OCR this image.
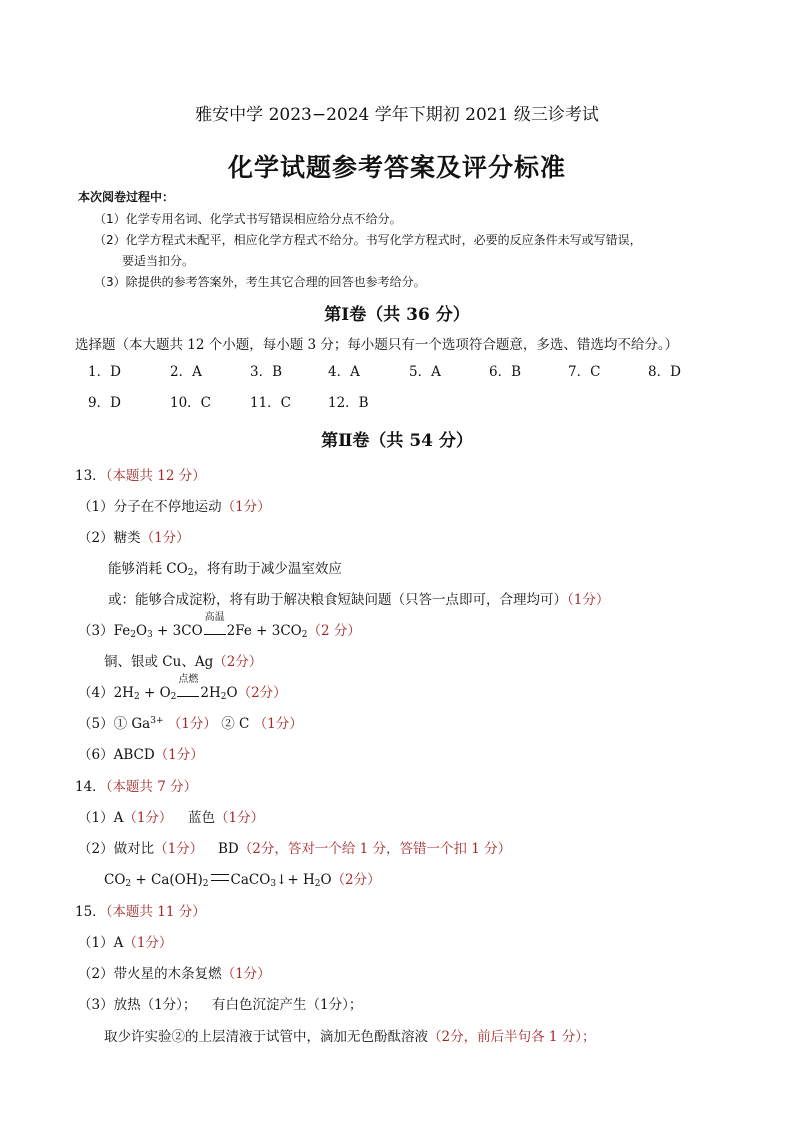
雅安中学 2023−2024 学年下期初 2021 级三诊考试
化学试题参考答案及评分标准
本次阅卷过程中：
（1）化学专用名词、化学式书写错误相应给分点不给分。
（2）化学方程式未配平，相应化学方程式不给分。书写化学方程式时，必要的反应条件未写或写错误，
要适当扣分。
（3）除提供的参考答案外，考生其它合理的回答也参考给分。
第Ⅰ卷（共 36 分）
选择题（本大题共 12 个小题，每小题 3 分；每小题只有一个选项符合题意，多选、错选均不给分。）
1．D	2．A	3．B	4．A	5．A	6．B	7．C	8．D
9．D	10．C	11．C	12．B
第Ⅱ卷（共 54 分）
13．（本题共 12 分）
（1）分子在不停地运动（1分）
（2）糖类（1分）
能够消耗 $CO_2$，将有助于减少温室效应
或：能够合成淀粉，将有助于解决粮食短缺问题（只答一点即可，合理均可）（1分）
$(3)Fe_2O_3 + 3CO$
高温
$2Fe + 3CO_2(2$ 分）
铜、银或 Cu、Ag（2分）
$(4)2H_2 + O_2$
点燃
$2H_2O(2$分）
（5）① $Ga^{3+}$ （1分） ② C （1分）
（6）ABCD（1分）
14．（本题共 7 分）
（1）A（1分） 蓝色（1分）
（2）做对比（1分） BD（2分，答对一个给 1 分，答错一个扣 1 分）
$CO_2 + Ca(OH)_2$ CaCO$_3$↓+ $H_2O(2$分）
15．（本题共 11 分）
（1）A（1分）
（2）带火星的木条复燃（1分）
（3）放热（1分）； 有白色沉淀产生（1分）；
取少许实验②的上层清液于试管中，滴加无色酚酞溶液（2分，前后半句各 1 分）；
